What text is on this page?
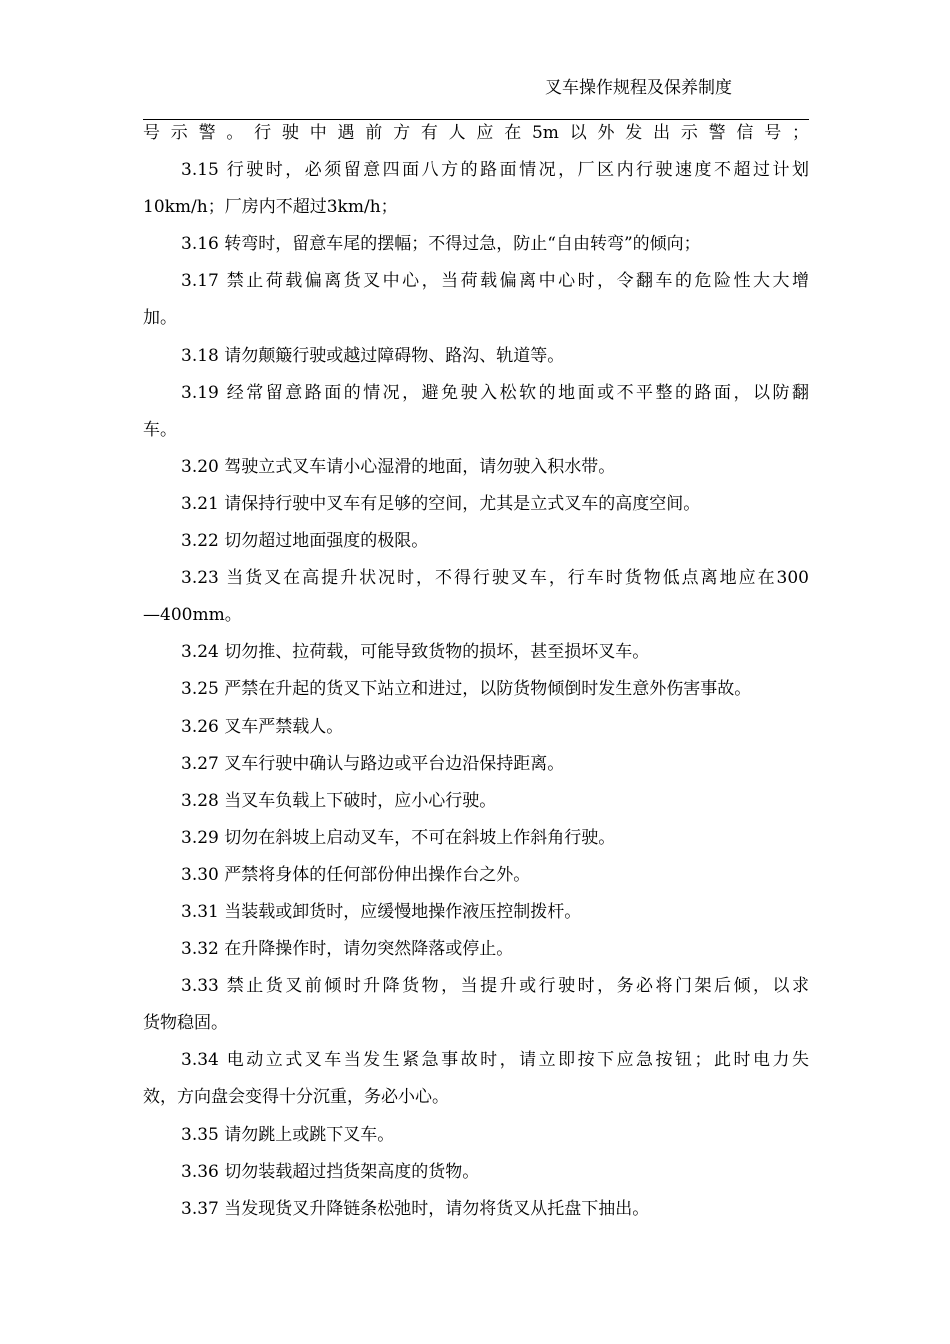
叉车操作规程及保养制度
号示警。行驶中遇前方有人应在5m以外发出示警信号；
3.15 行驶时，必须留意四面八方的路面情况，厂区内行驶速度不超过计划
10km/h；厂房内不超过3km/h；
3.16 转弯时，留意车尾的摆幅；不得过急，防止“自由转弯”的倾向；
3.17 禁止荷载偏离货叉中心，当荷载偏离中心时，令翻车的危险性大大增
加。
3.18 请勿颠簸行驶或越过障碍物、路沟、轨道等。
3.19 经常留意路面的情况，避免驶入松软的地面或不平整的路面，以防翻
车。
3.20 驾驶立式叉车请小心湿滑的地面，请勿驶入积水带。
3.21 请保持行驶中叉车有足够的空间，尤其是立式叉车的高度空间。
3.22 切勿超过地面强度的极限。
3.23 当货叉在高提升状况时，不得行驶叉车，行车时货物低点离地应在300
—400mm。
3.24 切勿推、拉荷载，可能导致货物的损坏，甚至损坏叉车。
3.25 严禁在升起的货叉下站立和进过，以防货物倾倒时发生意外伤害事故。
3.26 叉车严禁载人。
3.27 叉车行驶中确认与路边或平台边沿保持距离。
3.28 当叉车负载上下破时，应小心行驶。
3.29 切勿在斜坡上启动叉车，不可在斜坡上作斜角行驶。
3.30 严禁将身体的任何部份伸出操作台之外。
3.31 当装载或卸货时，应缓慢地操作液压控制拨杆。
3.32 在升降操作时，请勿突然降落或停止。
3.33 禁止货叉前倾时升降货物，当提升或行驶时，务必将门架后倾，以求
货物稳固。
3.34 电动立式叉车当发生紧急事故时，请立即按下应急按钮；此时电力失
效，方向盘会变得十分沉重，务必小心。
3.35 请勿跳上或跳下叉车。
3.36 切勿装载超过挡货架高度的货物。
3.37 当发现货叉升降链条松弛时，请勿将货叉从托盘下抽出。
